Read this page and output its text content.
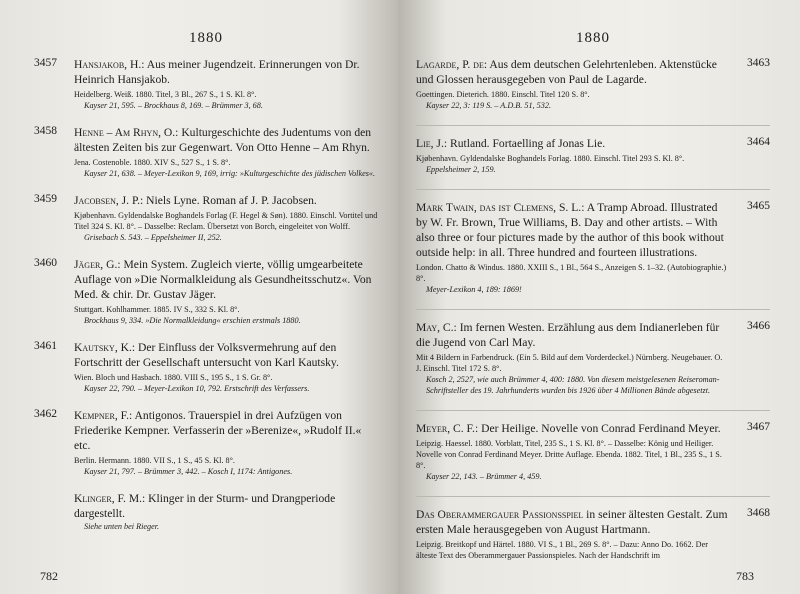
1880
3457 Hansjakob, H.: Aus meiner Jugendzeit. Erinnerungen von Dr. Heinrich Hansjakob.
Heidelberg. Weiß. 1880. Titel, 3 Bl., 267 S., 1 S. Kl. 8°.
Kayser 21, 595. – Brockhaus 8, 169. – Brümmer 3, 68.
3458 Henne – Am Rhyn, O.: Kulturgeschichte des Judentums von den ältesten Zeiten bis zur Gegenwart. Von Otto Henne – Am Rhyn.
Jena. Costenoble. 1880. XIV S., 527 S., 1 S. 8°.
Kayser 21, 638. – Meyer-Lexikon 9, 169, irrig: »Kulturgeschichte des jüdischen Volkes«.
3459 Jacobsen, J. P.: Niels Lyne. Roman af J. P. Jacobsen.
Kjøbenhavn. Gyldendalske Boghandels Forlag (F. Hegel & Søn). 1880. Einschl. Vortitel und Titel 324 S. Kl. 8°. – Dasselbe: Reclam. Übersetzt von Borch, eingeleitet von Wolff.
Grisebach S. 543. – Eppelsheimer II, 252.
3460 Jäger, G.: Mein System. Zugleich vierte, völlig umgearbeitete Auflage von »Die Normalkleidung als Gesundheitsschutz«. Von Med. & chir. Dr. Gustav Jäger.
Stuttgart. Kohlhammer. 1885. IV S., 332 S. Kl. 8°.
Brockhaus 9, 334. »Die Normalkleidung« erschien erstmals 1880.
3461 Kautsky, K.: Der Einfluss der Volksvermehrung auf den Fortschritt der Gesellschaft untersucht von Karl Kautsky.
Wien. Bloch und Hasbach. 1880. VIII S., 195 S., 1 S. Gr. 8°.
Kayser 22, 790. – Meyer-Lexikon 10, 792. Erstschrift des Verfassers.
3462 Kempner, F.: Antigonos. Trauerspiel in drei Aufzügen von Friederike Kempner. Verfasserin der »Berenize«, »Rudolf II.« etc.
Berlin. Hermann. 1880. VII S., 1 S., 45 S. Kl. 8°.
Kayser 21, 797. – Brümmer 3, 442. – Kosch I, 1174: Antigones.
Klinger, F. M.: Klinger in der Sturm- und Drangperiode dargestellt.
Siehe unten bei Rieger.
782
1880
3463
Lagarde, P. de: Aus dem deutschen Gelehrtenleben. Aktenstücke und Glossen herausgegeben von Paul de Lagarde.
Goettingen. Dieterich. 1880. Einschl. Titel 120 S. 8°.
Kayser 22, 3: 119 S. – A.D.B. 51, 532.
3464
Lie, J.: Rutland. Fortaelling af Jonas Lie.
Kjøbenhavn. Gyldendalske Boghandels Forlag. 1880. Einschl. Titel 293 S. Kl. 8°.
Eppelsheimer 2, 159.
3465
Mark Twain, das ist Clemens, S. L.: A Tramp Abroad. Illustrated by W. Fr. Brown, True Williams, B. Day and other artists. – With also three or four pictures made by the author of this book without outside help: in all. Three hundred and fourteen illustrations.
London. Chatto & Windus. 1880. XXIII S., 1 Bl., 564 S., Anzeigen S. 1–32. (Autobiographie.) 8°.
Meyer-Lexikon 4, 189: 1869!
3466
May, C.: Im fernen Westen. Erzählung aus dem Indianerleben für die Jugend von Carl May.
Mit 4 Bildern in Farbendruck. (Ein 5. Bild auf dem Vorderdeckel.) Nürnberg. Neugebauer. O. J. Einschl. Titel 172 S. 8°.
Kosch 2, 2527, wie auch Brümmer 4, 400: 1880. Von diesem meistgelesenen Reiseroman-Schriftsteller des 19. Jahrhunderts wurden bis 1926 über 4 Millionen Bände abgesetzt.
3467
Meyer, C. F.: Der Heilige. Novelle von Conrad Ferdinand Meyer.
Leipzig. Haessel. 1880. Vorblatt, Titel, 235 S., 1 S. Kl. 8°. – Dasselbe: König und Heiliger. Novelle von Conrad Ferdinand Meyer. Dritte Auflage. Ebenda. 1882. Titel, 1 Bl., 235 S., 1 S. 8°.
Kayser 22, 143. – Brümmer 4, 459.
3468
Das Oberammergauer Passionsspiel in seiner ältesten Gestalt. Zum ersten Male herausgegeben von August Hartmann.
Leipzig. Breitkopf und Härtel. 1880. VI S., 1 Bl., 269 S. 8°. – Dazu: Anno Do. 1662. Der älteste Text des Oberammergauer Passionspieles. Nach der Handschrift im
783
